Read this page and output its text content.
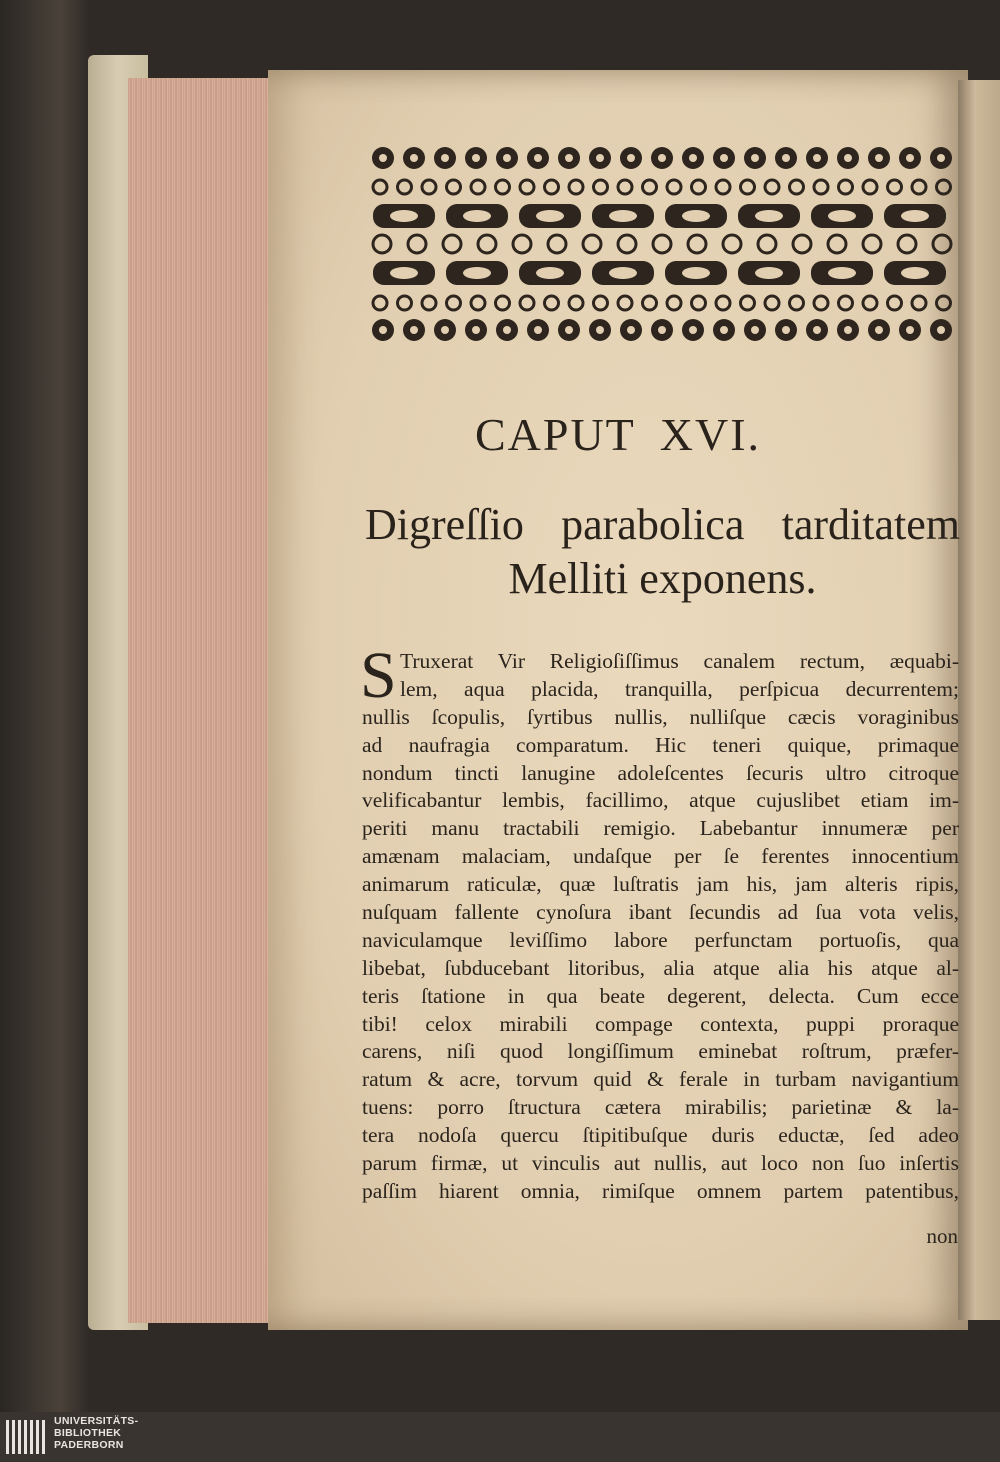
CAPUT XVI.
Digreſſio parabolica tarditatem
Melliti exponens.
S Truxerat Vir Religioſiſſimus canalem rectum, æquabi-
lem, aqua placida, tranquilla, perſpicua decurrentem;
nullis ſcopulis, ſyrtibus nullis, nulliſque cæcis voraginibus
ad naufragia comparatum. Hic teneri quique, primaque
nondum tincti lanugine adoleſcentes ſecuris ultro citroque
velificabantur lembis, facillimo, atque cujuslibet etiam im-
periti manu tractabili remigio. Labebantur innumeræ per
amænam malaciam, undaſque per ſe ferentes innocentium
animarum raticulæ, quæ luſtratis jam his, jam alteris ripis,
nuſquam fallente cynoſura ibant ſecundis ad ſua vota velis,
naviculamque leviſſimo labore perfunctam portuoſis, qua
libebat, ſubducebant litoribus, alia atque alia his atque al-
teris ſtatione in qua beate degerent, delecta. Cum ecce
tibi! celox mirabili compage contexta, puppi proraque
carens, niſi quod longiſſimum eminebat roſtrum, præfer-
ratum & acre, torvum quid & ferale in turbam navigantium
tuens: porro ſtructura cætera mirabilis; parietinæ & la-
tera nodoſa quercu ſtipitibuſque duris eductæ, ſed adeo
parum firmæ, ut vinculis aut nullis, aut loco non ſuo inſertis
paſſim hiarent omnia, rimiſque omnem partem patentibus,
non
UNIVERSITÄTS-
BIBLIOTHEK
PADERBORN
